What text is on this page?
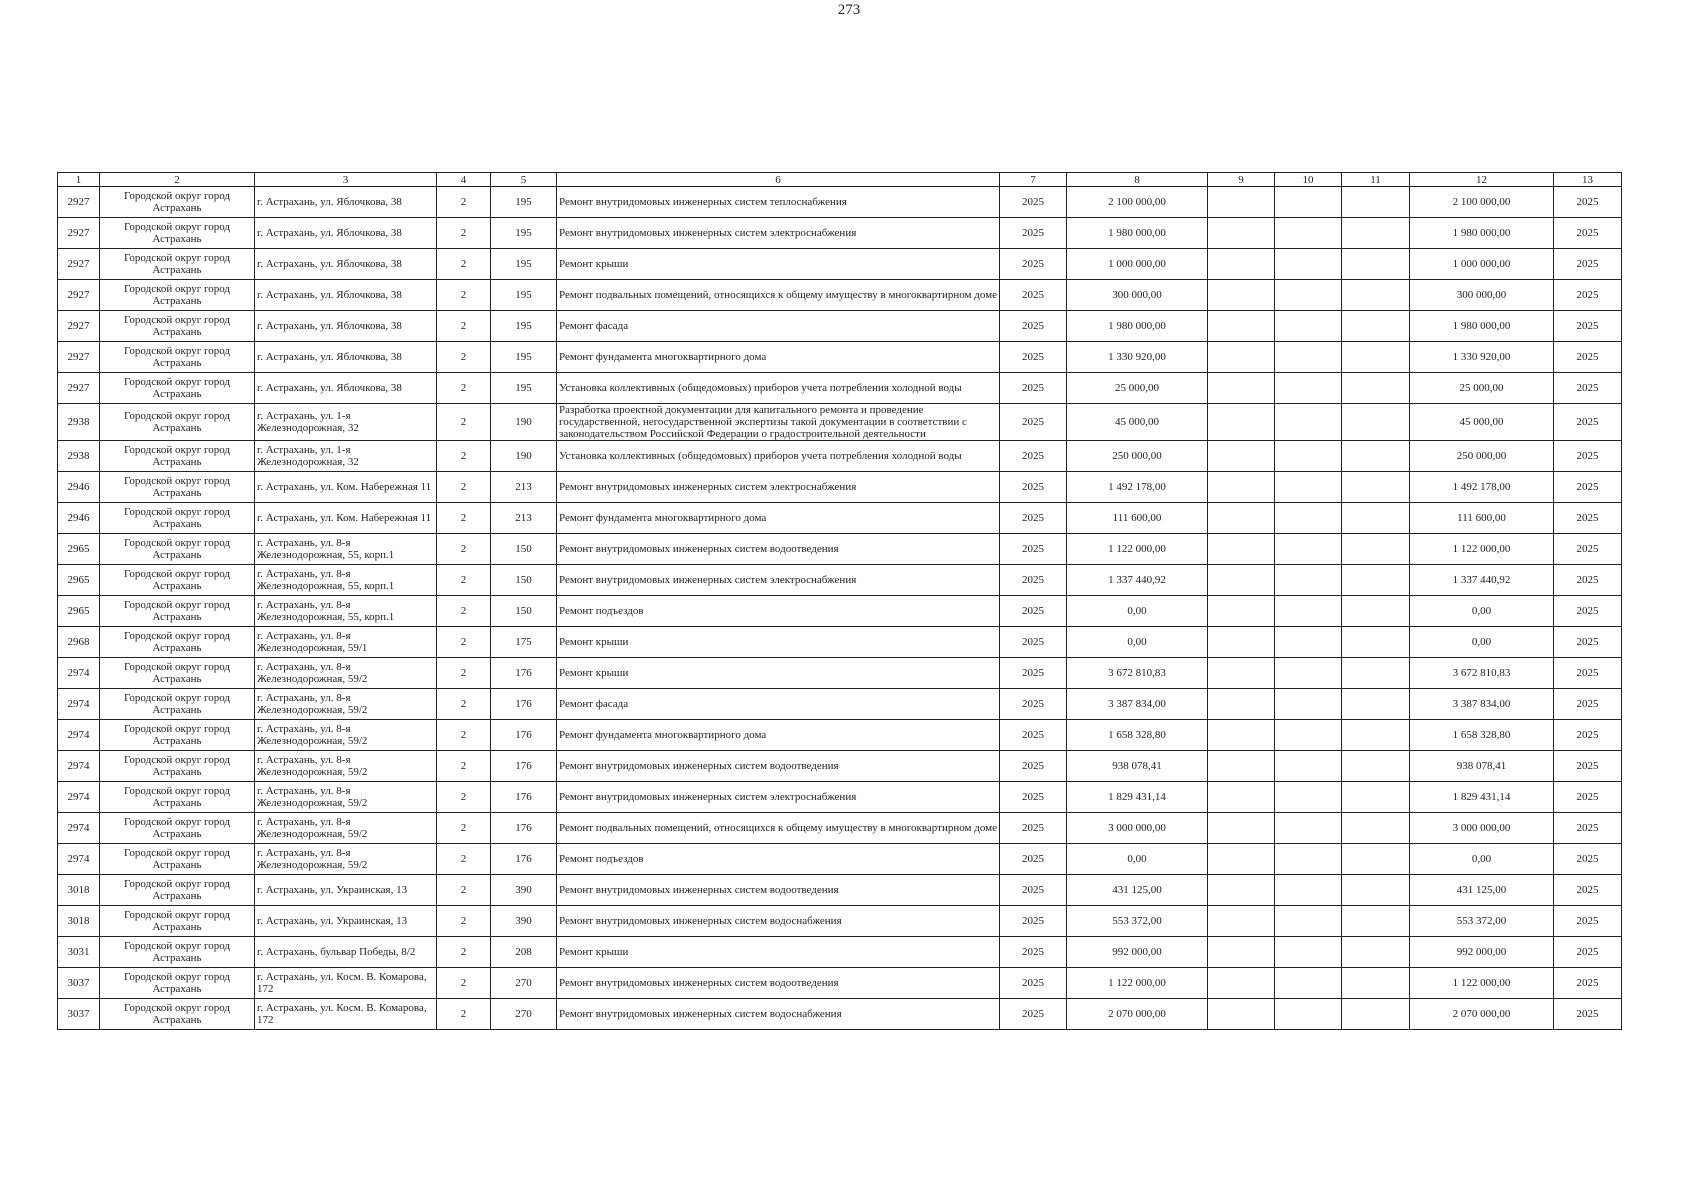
273
1	2	3	4	5	6	7	8	9	10	11	12	13
2927	Городской округ город Астрахань	г. Астрахань, ул. Яблочкова, 38	2	195	Ремонт внутридомовых инженерных систем теплоснабжения	2025	2 100 000,00				2 100 000,00	2025
2927	Городской округ город Астрахань	г. Астрахань, ул. Яблочкова, 38	2	195	Ремонт внутридомовых инженерных систем электроснабжения	2025	1 980 000,00				1 980 000,00	2025
2927	Городской округ город Астрахань	г. Астрахань, ул. Яблочкова, 38	2	195	Ремонт крыши	2025	1 000 000,00				1 000 000,00	2025
2927	Городской округ город Астрахань	г. Астрахань, ул. Яблочкова, 38	2	195	Ремонт подвальных помещений, относящихся к общему имуществу в многоквартирном доме	2025	300 000,00				300 000,00	2025
2927	Городской округ город Астрахань	г. Астрахань, ул. Яблочкова, 38	2	195	Ремонт фасада	2025	1 980 000,00				1 980 000,00	2025
2927	Городской округ город Астрахань	г. Астрахань, ул. Яблочкова, 38	2	195	Ремонт фундамента многоквартирного дома	2025	1 330 920,00				1 330 920,00	2025
2927	Городской округ город Астрахань	г. Астрахань, ул. Яблочкова, 38	2	195	Установка коллективных (общедомовых) приборов учета потребления холодной воды	2025	25 000,00				25 000,00	2025
2938	Городской округ город Астрахань	г. Астрахань, ул. 1-я Железнодорожная, 32	2	190	Разработка проектной документации для капитального ремонта и проведение государственной, негосударственной экспертизы такой документации в соответствии с законодательством Российской Федерации о градостроительной деятельности	2025	45 000,00				45 000,00	2025
2938	Городской округ город Астрахань	г. Астрахань, ул. 1-я Железнодорожная, 32	2	190	Установка коллективных (общедомовых) приборов учета потребления холодной воды	2025	250 000,00				250 000,00	2025
2946	Городской округ город Астрахань	г. Астрахань, ул. Ком. Набережная 11	2	213	Ремонт внутридомовых инженерных систем электроснабжения	2025	1 492 178,00				1 492 178,00	2025
2946	Городской округ город Астрахань	г. Астрахань, ул. Ком. Набережная 11	2	213	Ремонт фундамента многоквартирного дома	2025	111 600,00				111 600,00	2025
2965	Городской округ город Астрахань	г. Астрахань, ул. 8-я Железнодорожная, 55, корп.1	2	150	Ремонт внутридомовых инженерных систем водоотведения	2025	1 122 000,00				1 122 000,00	2025
2965	Городской округ город Астрахань	г. Астрахань, ул. 8-я Железнодорожная, 55, корп.1	2	150	Ремонт внутридомовых инженерных систем электроснабжения	2025	1 337 440,92				1 337 440,92	2025
2965	Городской округ город Астрахань	г. Астрахань, ул. 8-я Железнодорожная, 55, корп.1	2	150	Ремонт подъездов	2025	0,00				0,00	2025
2968	Городской округ город Астрахань	г. Астрахань, ул. 8-я Железнодорожная, 59/1	2	175	Ремонт крыши	2025	0,00				0,00	2025
2974	Городской округ город Астрахань	г. Астрахань, ул. 8-я Железнодорожная, 59/2	2	176	Ремонт крыши	2025	3 672 810,83				3 672 810,83	2025
2974	Городской округ город Астрахань	г. Астрахань, ул. 8-я Железнодорожная, 59/2	2	176	Ремонт фасада	2025	3 387 834,00				3 387 834,00	2025
2974	Городской округ город Астрахань	г. Астрахань, ул. 8-я Железнодорожная, 59/2	2	176	Ремонт фундамента многоквартирного дома	2025	1 658 328,80				1 658 328,80	2025
2974	Городской округ город Астрахань	г. Астрахань, ул. 8-я Железнодорожная, 59/2	2	176	Ремонт внутридомовых инженерных систем водоотведения	2025	938 078,41				938 078,41	2025
2974	Городской округ город Астрахань	г. Астрахань, ул. 8-я Железнодорожная, 59/2	2	176	Ремонт внутридомовых инженерных систем электроснабжения	2025	1 829 431,14				1 829 431,14	2025
2974	Городской округ город Астрахань	г. Астрахань, ул. 8-я Железнодорожная, 59/2	2	176	Ремонт подвальных помещений, относящихся к общему имуществу в многоквартирном доме	2025	3 000 000,00				3 000 000,00	2025
2974	Городской округ город Астрахань	г. Астрахань, ул. 8-я Железнодорожная, 59/2	2	176	Ремонт подъездов	2025	0,00				0,00	2025
3018	Городской округ город Астрахань	г. Астрахань, ул. Украинская, 13	2	390	Ремонт внутридомовых инженерных систем водоотведения	2025	431 125,00				431 125,00	2025
3018	Городской округ город Астрахань	г. Астрахань, ул. Украинская, 13	2	390	Ремонт внутридомовых инженерных систем водоснабжения	2025	553 372,00				553 372,00	2025
3031	Городской округ город Астрахань	г. Астрахань, бульвар Победы, 8/2	2	208	Ремонт крыши	2025	992 000,00				992 000,00	2025
3037	Городской округ город Астрахань	г. Астрахань, ул. Косм. В. Комарова, 172	2	270	Ремонт внутридомовых инженерных систем водоотведения	2025	1 122 000,00				1 122 000,00	2025
3037	Городской округ город Астрахань	г. Астрахань, ул. Косм. В. Комарова, 172	2	270	Ремонт внутридомовых инженерных систем водоснабжения	2025	2 070 000,00				2 070 000,00	2025
